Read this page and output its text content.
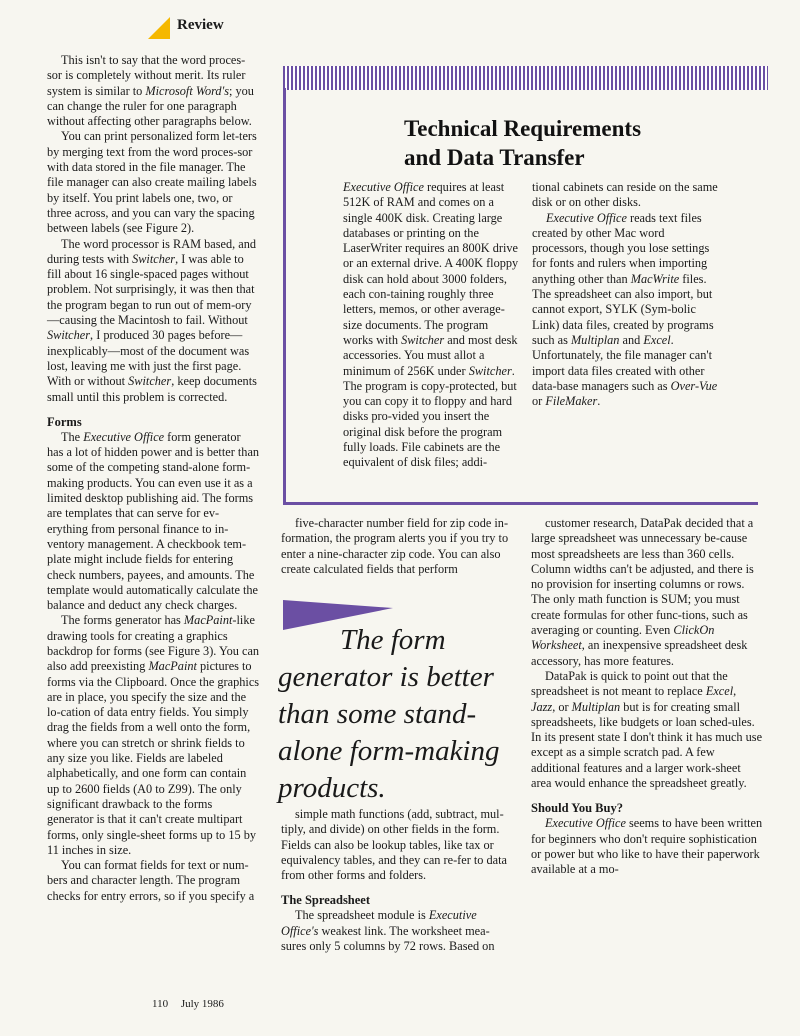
Review

This isn't to say that the word proces-sor is completely without merit. Its ruler system is similar to Microsoft Word's; you can change the ruler for one paragraph without affecting other paragraphs below.

You can print personalized form let-ters by merging text from the word proces-sor with data stored in the file manager. The file manager can also create mailing labels by itself. You print labels one, two, or three across, and you can vary the spacing between labels (see Figure 2).

The word processor is RAM based, and during tests with Switcher, I was able to fill about 16 single-spaced pages without problem. Not surprisingly, it was then that the program began to run out of mem-ory—causing the Macintosh to fail. Without Switcher, I produced 30 pages before—inexplicably—most of the document was lost, leaving me with just the first page. With or without Switcher, keep documents small until this problem is corrected.

Forms

The Executive Office form generator has a lot of hidden power and is better than some of the competing stand-alone form-making products. You can even use it as a limited desktop publishing aid. The forms are templates that can serve for ev-erything from personal finance to in-ventory management. A checkbook tem-plate might include fields for entering check numbers, payees, and amounts. The template would automatically calculate the balance and deduct any check charges.

The forms generator has MacPaint-like drawing tools for creating a graphics backdrop for forms (see Figure 3). You can also add preexisting MacPaint pictures to forms via the Clipboard. Once the graphics are in place, you specify the size and the lo-cation of data entry fields. You simply drag the fields from a well onto the form, where you can stretch or shrink fields to any size you like. Fields are labeled alphabetically, and one form can contain up to 2600 fields (A0 to Z99). The only significant drawback to the forms generator is that it can't create multipart forms, only single-sheet forms up to 15 by 11 inches in size.

You can format fields for text or num-bers and character length. The program checks for entry errors, so if you specify a

Technical Requirements
and Data Transfer

Executive Office requires at least 512K of RAM and comes on a single 400K disk. Creating large databases or printing on the LaserWriter requires an 800K drive or an external drive. A 400K floppy disk can hold about 3000 folders, each con-taining roughly three letters, memos, or other average-size documents. The program works with Switcher and most desk accessories. You must allot a minimum of 256K under Switcher. The program is copy-protected, but you can copy it to floppy and hard disks pro-vided you insert the original disk before the program fully loads. File cabinets are the equivalent of disk files; addi-

tional cabinets can reside on the same disk or on other disks.

Executive Office reads text files created by other Mac word processors, though you lose settings for fonts and rulers when importing anything other than MacWrite files. The spreadsheet can also import, but cannot export, SYLK (Sym-bolic Link) data files, created by programs such as Multiplan and Excel. Unfortunately, the file manager can't import data files created with other data-base managers such as Over-Vue or FileMaker.

five-character number field for zip code in-formation, the program alerts you if you try to enter a nine-character zip code. You can also create calculated fields that perform

The form
generator is better
than some stand-
alone form-making
products.

simple math functions (add, subtract, mul-tiply, and divide) on other fields in the form. Fields can also be lookup tables, like tax or equivalency tables, and they can re-fer to data from other forms and folders.

The Spreadsheet

The spreadsheet module is Executive Office's weakest link. The worksheet mea-sures only 5 columns by 72 rows. Based on

customer research, DataPak decided that a large spreadsheet was unnecessary be-cause most spreadsheets are less than 360 cells. Column widths can't be adjusted, and there is no provision for inserting columns or rows. The only math function is SUM; you must create formulas for other func-tions, such as averaging or counting. Even ClickOn Worksheet, an inexpensive spreadsheet desk accessory, has more features.

DataPak is quick to point out that the spreadsheet is not meant to replace Excel, Jazz, or Multiplan but is for creating small spreadsheets, like budgets or loan sched-ules. In its present state I don't think it has much use except as a simple scratch pad. A few additional features and a larger work-sheet area would enhance the spreadsheet greatly.

Should You Buy?

Executive Office seems to have been written for beginners who don't require sophistication or power but who like to have their paperwork available at a mo-

110 July 1986
